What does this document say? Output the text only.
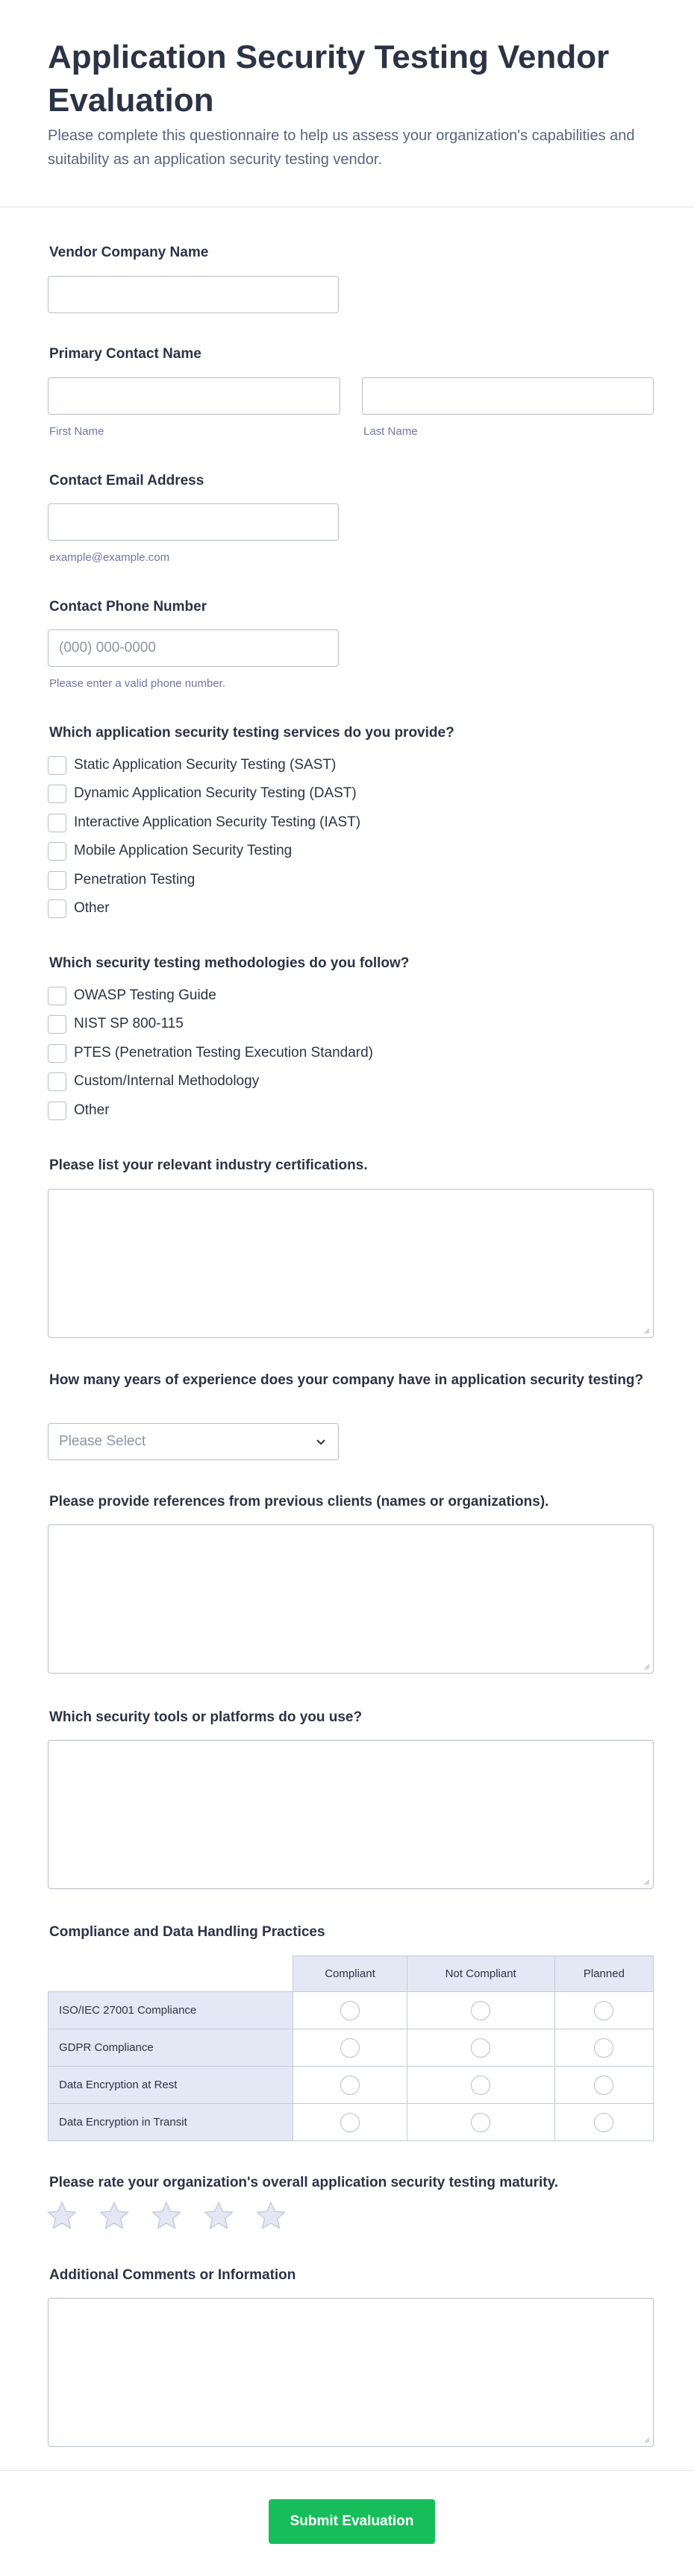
Application Security Testing Vendor Evaluation

Please complete this questionnaire to help us assess your organization's capabilities and suitability as an application security testing vendor.

Vendor Company Name
Primary Contact Name
First Name	Last Name
Contact Email Address
example@example.com
Contact Phone Number
(000) 000-0000
Please enter a valid phone number.
Which application security testing services do you provide?
Static Application Security Testing (SAST)
Dynamic Application Security Testing (DAST)
Interactive Application Security Testing (IAST)
Mobile Application Security Testing
Penetration Testing
Other
Which security testing methodologies do you follow?
OWASP Testing Guide
NIST SP 800-115
PTES (Penetration Testing Execution Standard)
Custom/Internal Methodology
Other
Please list your relevant industry certifications.
How many years of experience does your company have in application security testing?
Please Select
Please provide references from previous clients (names or organizations).
Which security tools or platforms do you use?
Compliance and Data Handling Practices
	Compliant	Not Compliant	Planned
ISO/IEC 27001 Compliance			
GDPR Compliance			
Data Encryption at Rest			
Data Encryption in Transit			
Please rate your organization's overall application security testing maturity.
Additional Comments or Information
Submit Evaluation
